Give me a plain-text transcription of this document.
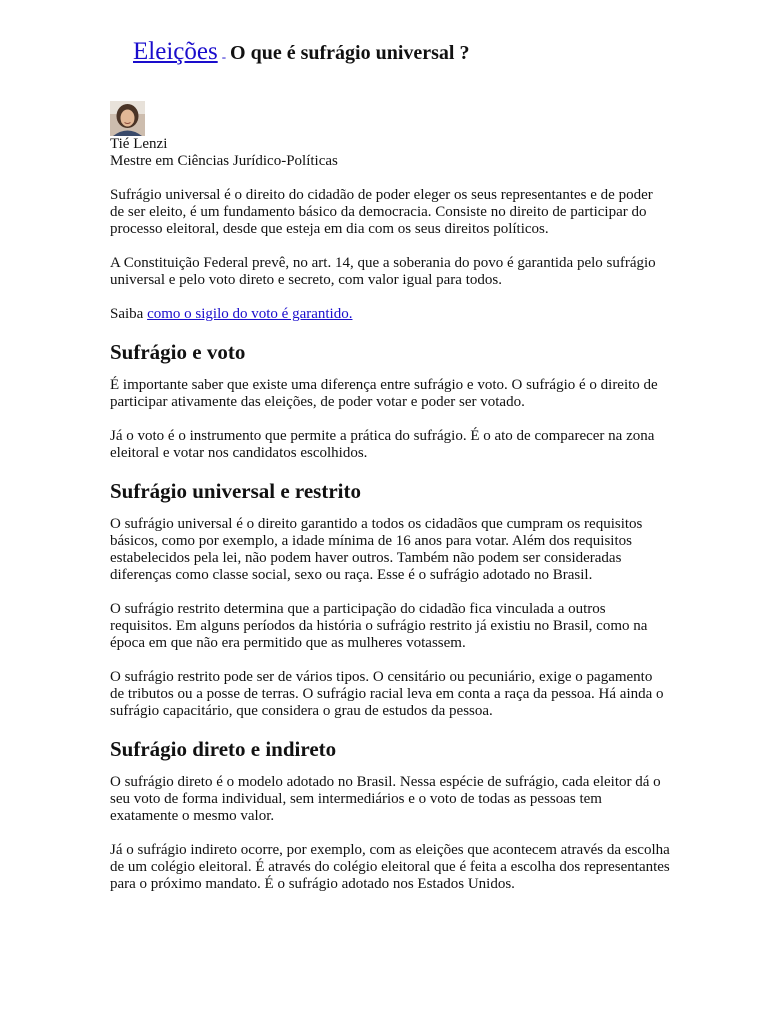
Eleições - O que é sufrágio universal ?
Tié Lenzi
Mestre em Ciências Jurídico-Políticas

Sufrágio universal é o direito do cidadão de poder eleger os seus representantes e de poder de ser eleito, é um fundamento básico da democracia. Consiste no direito de participar do processo eleitoral, desde que esteja em dia com os seus direitos políticos.

A Constituição Federal prevê, no art. 14, que a soberania do povo é garantida pelo sufrágio universal e pelo voto direto e secreto, com valor igual para todos.

Saiba como o sigilo do voto é garantido.

Sufrágio e voto

É importante saber que existe uma diferença entre sufrágio e voto. O sufrágio é o direito de participar ativamente das eleições, de poder votar e poder ser votado.

Já o voto é o instrumento que permite a prática do sufrágio. É o ato de comparecer na zona eleitoral e votar nos candidatos escolhidos.

Sufrágio universal e restrito

O sufrágio universal é o direito garantido a todos os cidadãos que cumpram os requisitos básicos, como por exemplo, a idade mínima de 16 anos para votar. Além dos requisitos estabelecidos pela lei, não podem haver outros. Também não podem ser consideradas diferenças como classe social, sexo ou raça. Esse é o sufrágio adotado no Brasil.

O sufrágio restrito determina que a participação do cidadão fica vinculada a outros requisitos. Em alguns períodos da história o sufrágio restrito já existiu no Brasil, como na época em que não era permitido que as mulheres votassem.

O sufrágio restrito pode ser de vários tipos. O censitário ou pecuniário, exige o pagamento de tributos ou a posse de terras. O sufrágio racial leva em conta a raça da pessoa. Há ainda o sufrágio capacitário, que considera o grau de estudos da pessoa.

Sufrágio direto e indireto

O sufrágio direto é o modelo adotado no Brasil. Nessa espécie de sufrágio, cada eleitor dá o seu voto de forma individual, sem intermediários e o voto de todas as pessoas tem exatamente o mesmo valor.

Já o sufrágio indireto ocorre, por exemplo, com as eleições que acontecem através da escolha de um colégio eleitoral. É através do colégio eleitoral que é feita a escolha dos representantes para o próximo mandato. É o sufrágio adotado nos Estados Unidos.
